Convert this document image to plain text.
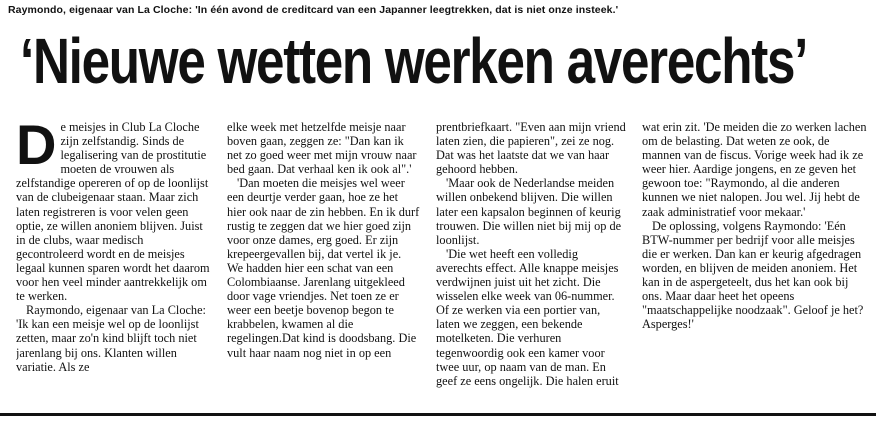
Raymondo, eigenaar van La Cloche: 'In één avond de creditcard van een Japanner leegtrekken, dat is niet onze insteek.'
‘Nieuwe wetten werken averechts’

De meisjes in Club La Cloche zijn zelfstandig. Sinds de legalisering van de prostitutie moeten de vrouwen als zelfstandige opereren of op de loonlijst van de clubeigenaar staan. Maar zich laten registreren is voor velen geen optie, ze willen anoniem blijven. Juist in de clubs, waar medisch gecontroleerd wordt en de meisjes legaal kunnen sparen wordt het daarom voor hen veel minder aantrekkelijk om te werken.

Raymondo, eigenaar van La Cloche: 'Ik kan een meisje wel op de loonlijst zetten, maar zo'n kind blijft toch niet jarenlang bij ons. Klanten willen variatie. Als ze

elke week met hetzelfde meisje naar boven gaan, zeggen ze: "Dan kan ik net zo goed weer met mijn vrouw naar bed gaan. Dat verhaal ken ik ook al".'

'Dan moeten die meisjes wel weer een deurtje verder gaan, hoe ze het hier ook naar de zin hebben. En ik durf rustig te zeggen dat we hier goed zijn voor onze dames, erg goed. Er zijn krepeergevallen bij, dat vertel ik je. We hadden hier een schat van een Colombiaanse. Jarenlang uitgekleed door vage vriendjes. Net toen ze er weer een beetje bovenop begon te krabbelen, kwamen al die regelingen.Dat kind is doodsbang. Die vult haar naam nog niet in op een

prentbriefkaart. "Even aan mijn vriend laten zien, die papieren", zei ze nog. Dat was het laatste dat we van haar gehoord hebben.

'Maar ook de Nederlandse meiden willen onbekend blijven. Die willen later een kapsalon beginnen of keurig trouwen. Die willen niet bij mij op de loonlijst.

'Die wet heeft een volledig averechts effect. Alle knappe meisjes verdwijnen juist uit het zicht. Die wisselen elke week van 06-nummer. Of ze werken via een portier van, laten we zeggen, een bekende motelketen. Die verhuren tegenwoordig ook een kamer voor twee uur, op naam van de man. En geef ze eens ongelijk. Die halen eruit

wat erin zit. 'De meiden die zo werken lachen om de belasting. Dat weten ze ook, de mannen van de fiscus. Vorige week had ik ze weer hier. Aardige jongens, en ze geven het gewoon toe: "Raymondo, al die anderen kunnen we niet nalopen. Jou wel. Jij hebt de zaak administratief voor mekaar.'

De oplossing, volgens Raymondo: 'Eén BTW-nummer per bedrijf voor alle meisjes die er werken. Dan kan er keurig afgedragen worden, en blijven de meiden anoniem. Het kan in de aspergeteelt, dus het kan ook bij ons. Maar daar heet het opeens "maatschappelijke noodzaak". Geloof je het? Asperges!'
